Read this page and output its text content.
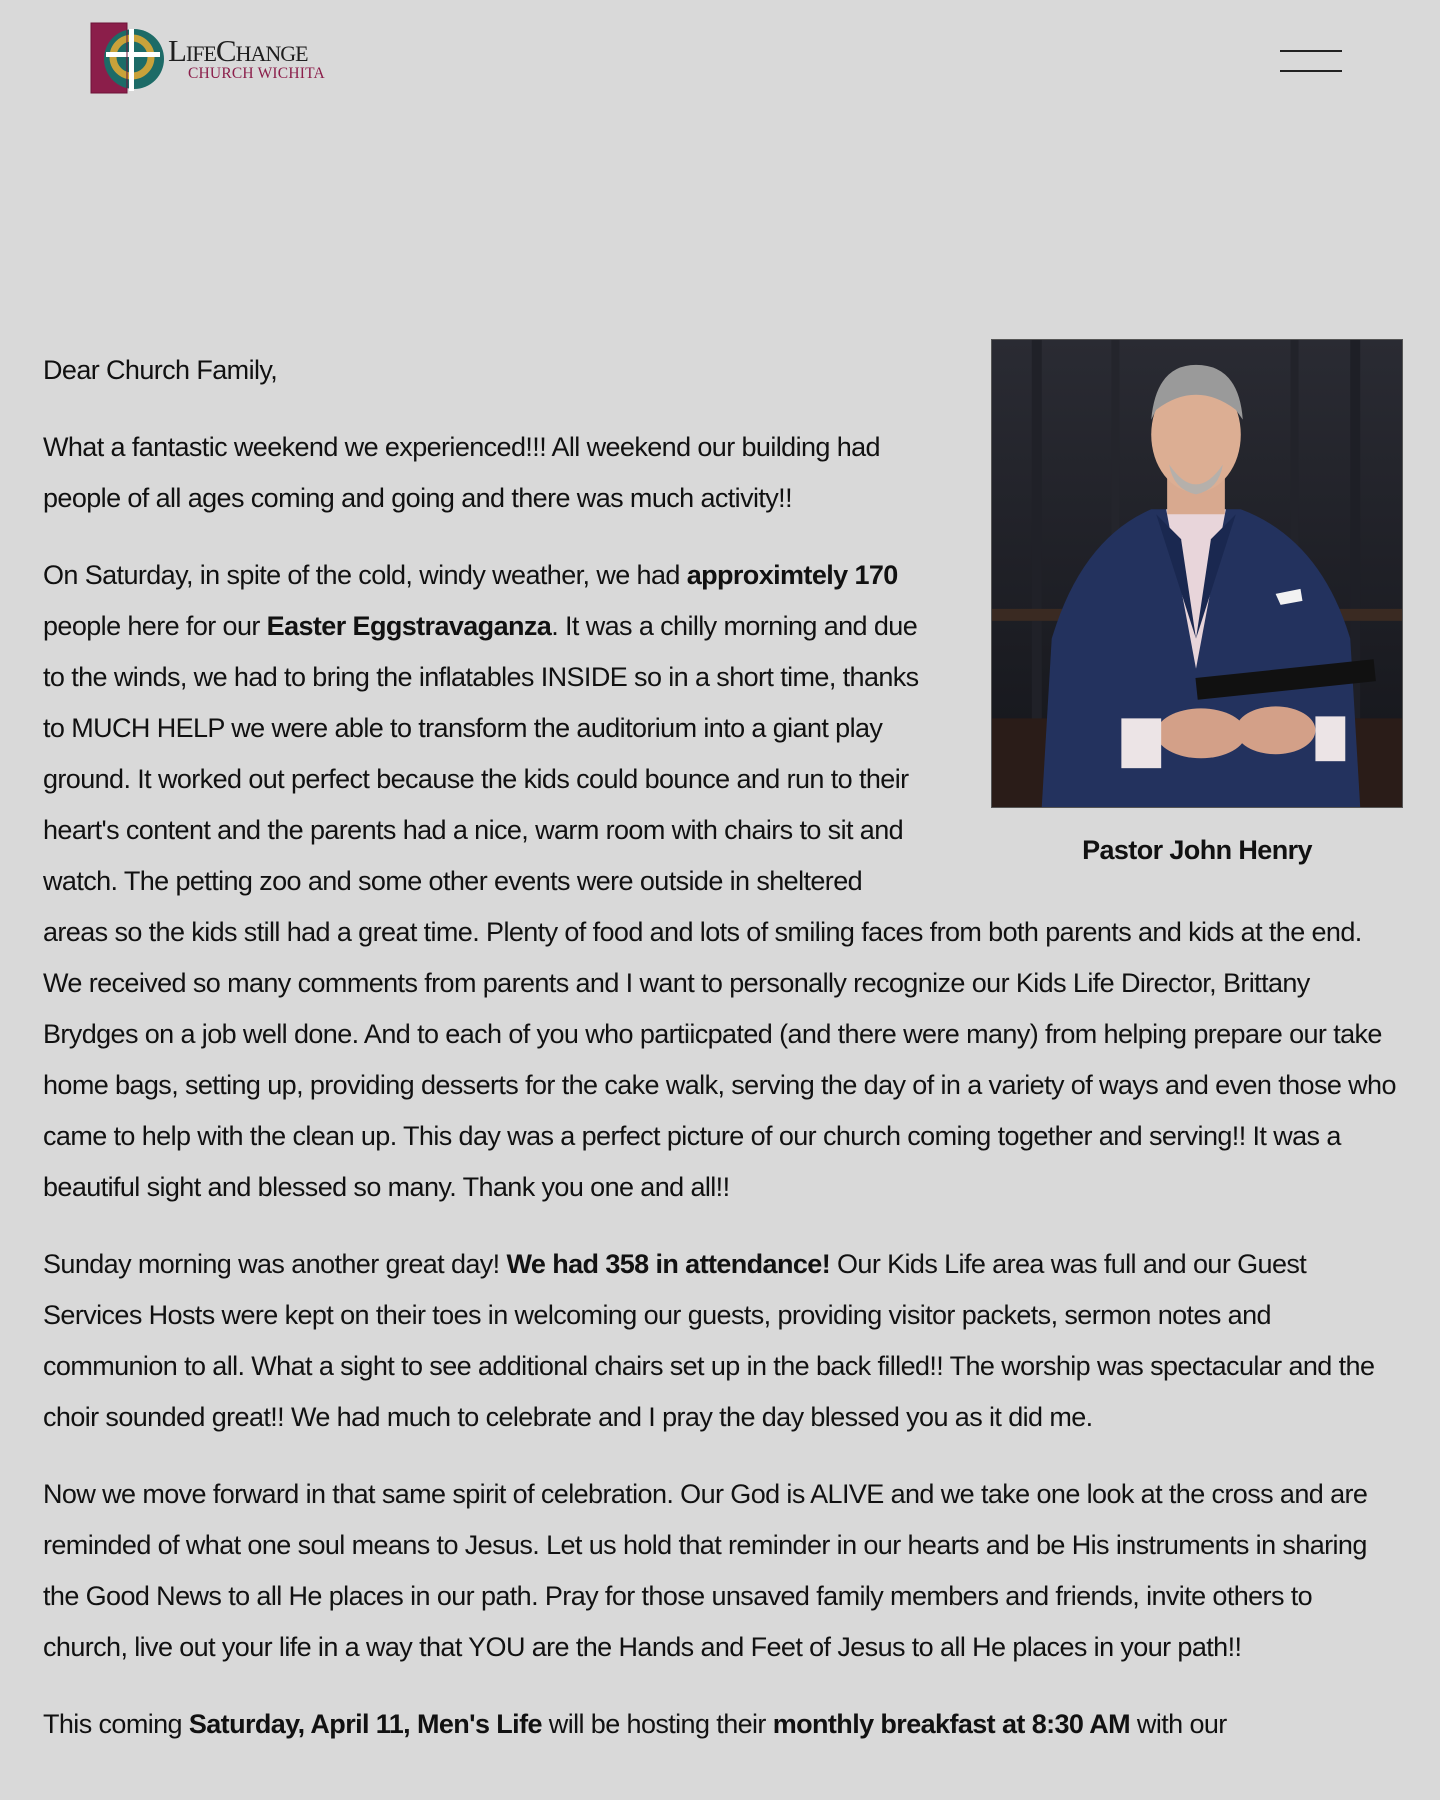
LifeChange
CHURCH WICHITA
Pastor John Henry

Dear Church Family,

What a fantastic weekend we experienced!!! All weekend our building had people of all ages coming and going and there was much activity!!

On Saturday, in spite of the cold, windy weather, we had approximtely 170 people here for our Easter Eggstravaganza. It was a chilly morning and due to the winds, we had to bring the inflatables INSIDE so in a short time, thanks to MUCH HELP we were able to transform the auditorium into a giant play ground. It worked out perfect because the kids could bounce and run to their heart's content and the parents had a nice, warm room with chairs to sit and watch. The petting zoo and some other events were outside in sheltered areas so the kids still had a great time. Plenty of food and lots of smiling faces from both parents and kids at the end. We received so many comments from parents and I want to personally recognize our Kids Life Director, Brittany Brydges on a job well done. And to each of you who partiicpated (and there were many) from helping prepare our take home bags, setting up, providing desserts for the cake walk, serving the day of in a variety of ways and even those who came to help with the clean up. This day was a perfect picture of our church coming together and serving!! It was a beautiful sight and blessed so many. Thank you one and all!!

Sunday morning was another great day! We had 358 in attendance! Our Kids Life area was full and our Guest Services Hosts were kept on their toes in welcoming our guests, providing visitor packets, sermon notes and communion to all. What a sight to see additional chairs set up in the back filled!! The worship was spectacular and the choir sounded great!! We had much to celebrate and I pray the day blessed you as it did me.

Now we move forward in that same spirit of celebration. Our God is ALIVE and we take one look at the cross and are reminded of what one soul means to Jesus. Let us hold that reminder in our hearts and be His instruments in sharing the Good News to all He places in our path. Pray for those unsaved family members and friends, invite others to church, live out your life in a way that YOU are the Hands and Feet of Jesus to all He places in your path!!

This coming Saturday, April 11, Men's Life will be hosting their monthly breakfast at 8:30 AM with our
